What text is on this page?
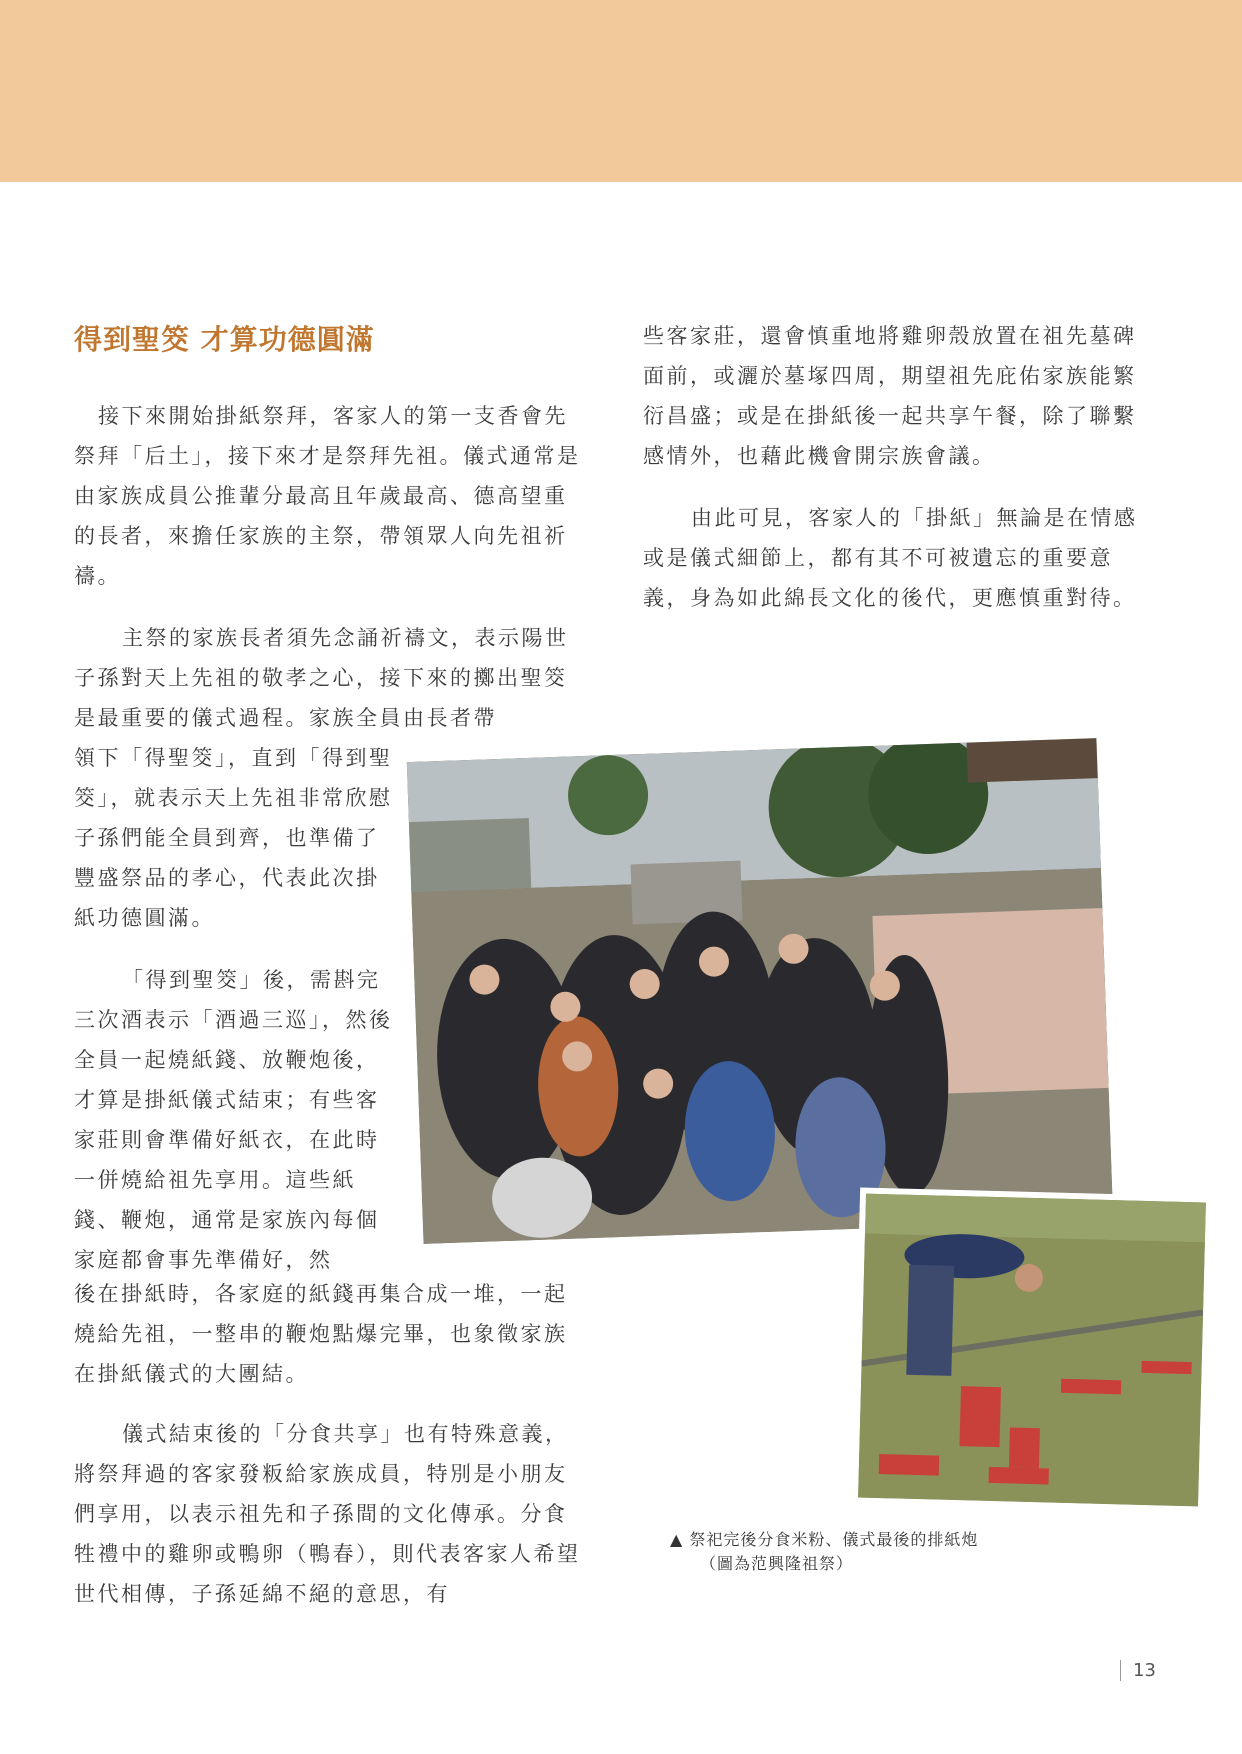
得到聖筊 才算功德圓滿

接下來開始掛紙祭拜，客家人的第一支香會先祭拜「后土」，接下來才是祭拜先祖。儀式通常是由家族成員公推輩分最高且年歲最高、德高望重的長者，來擔任家族的主祭，帶領眾人向先祖祈禱。

主祭的家族長者須先念誦祈禱文，表示陽世子孫對天上先祖的敬孝之心，接下來的擲出聖筊是最重要的儀式過程。家族全員由長者帶

領下「得聖筊」，直到「得到聖筊」，就表示天上先祖非常欣慰子孫們能全員到齊，也準備了豐盛祭品的孝心，代表此次掛紙功德圓滿。

「得到聖筊」後，需斟完三次酒表示「酒過三巡」，然後全員一起燒紙錢、放鞭炮後，才算是掛紙儀式結束；有些客家莊則會準備好紙衣，在此時一併燒給祖先享用。這些紙錢、鞭炮，通常是家族內每個家庭都會事先準備好，然

後在掛紙時，各家庭的紙錢再集合成一堆，一起燒給先祖，一整串的鞭炮點爆完畢，也象徵家族在掛紙儀式的大團結。

儀式結束後的「分食共享」也有特殊意義，將祭拜過的客家發粄給家族成員，特別是小朋友們享用，以表示祖先和子孫間的文化傳承。分食牲禮中的雞卵或鴨卵（鴨春），則代表客家人希望世代相傳，子孫延綿不絕的意思，有

些客家莊，還會慎重地將雞卵殼放置在祖先墓碑面前，或灑於墓塚四周，期望祖先庇佑家族能繁衍昌盛；或是在掛紙後一起共享午餐，除了聯繫感情外，也藉此機會開宗族會議。

由此可見，客家人的「掛紙」無論是在情感或是儀式細節上，都有其不可被遺忘的重要意義，身為如此綿長文化的後代，更應慎重對待。

▲ 祭祀完後分食米粉、儀式最後的排紙炮
（圖為范興隆祖祭）
13
